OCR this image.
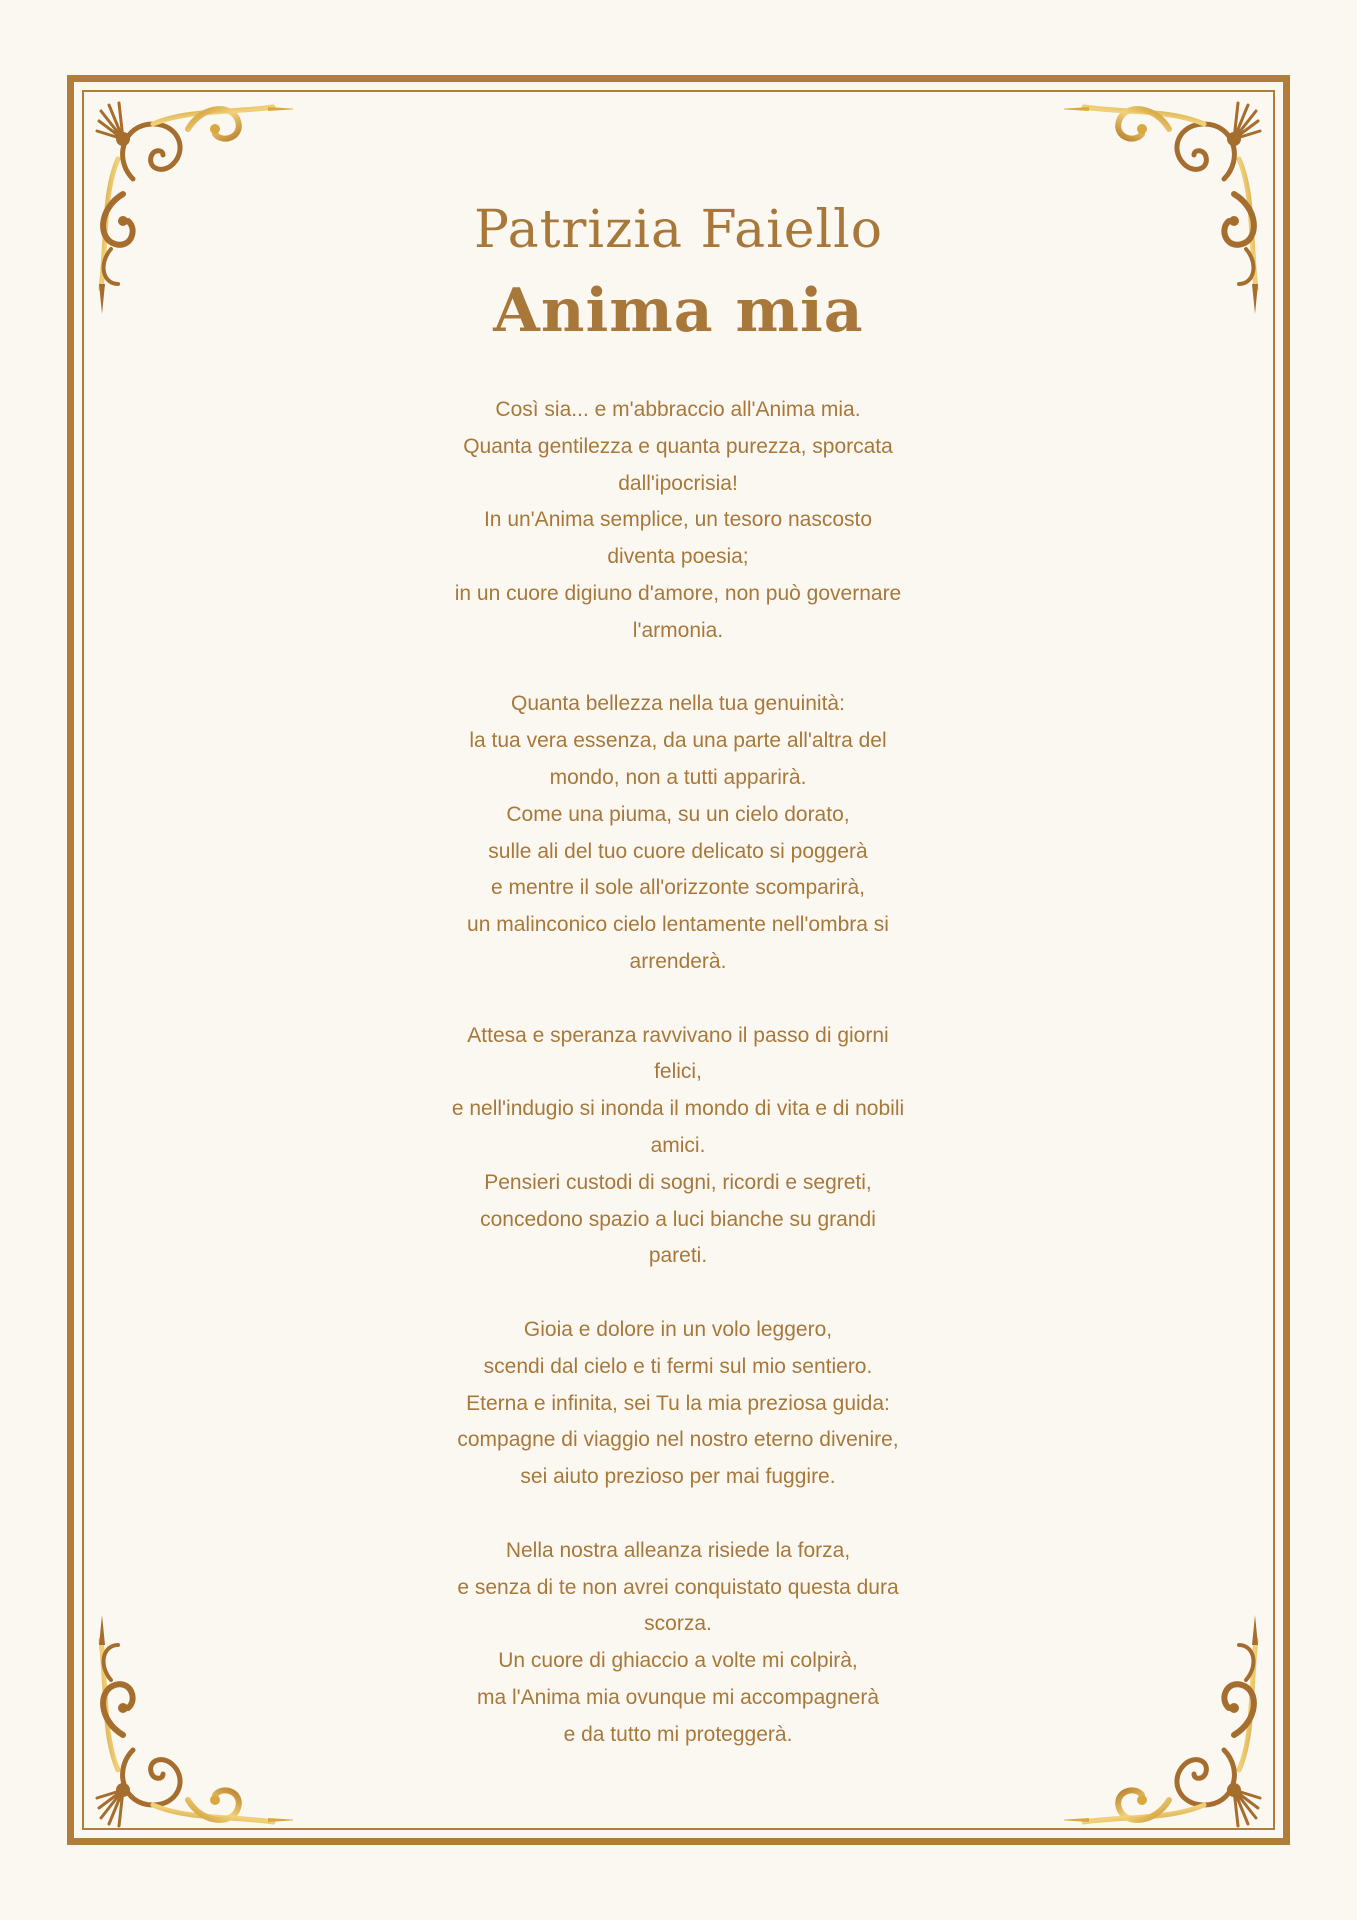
Patrizia Faiello
Anima mia
Così sia... e m'abbraccio all'Anima mia.
Quanta gentilezza e quanta purezza, sporcata
dall'ipocrisia!
In un'Anima semplice, un tesoro nascosto
diventa poesia;
in un cuore digiuno d'amore, non può governare
l'armonia.
Quanta bellezza nella tua genuinità:
la tua vera essenza, da una parte all'altra del
mondo, non a tutti apparirà.
Come una piuma, su un cielo dorato,
sulle ali del tuo cuore delicato si poggerà
e mentre il sole all'orizzonte scomparirà,
un malinconico cielo lentamente nell'ombra si
arrenderà.
Attesa e speranza ravvivano il passo di giorni
felici,
e nell'indugio si inonda il mondo di vita e di nobili
amici.
Pensieri custodi di sogni, ricordi e segreti,
concedono spazio a luci bianche su grandi
pareti.
Gioia e dolore in un volo leggero,
scendi dal cielo e ti fermi sul mio sentiero.
Eterna e infinita, sei Tu la mia preziosa guida:
compagne di viaggio nel nostro eterno divenire,
sei aiuto prezioso per mai fuggire.
Nella nostra alleanza risiede la forza,
e senza di te non avrei conquistato questa dura
scorza.
Un cuore di ghiaccio a volte mi colpirà,
ma l'Anima mia ovunque mi accompagnerà
e da tutto mi proteggerà.
